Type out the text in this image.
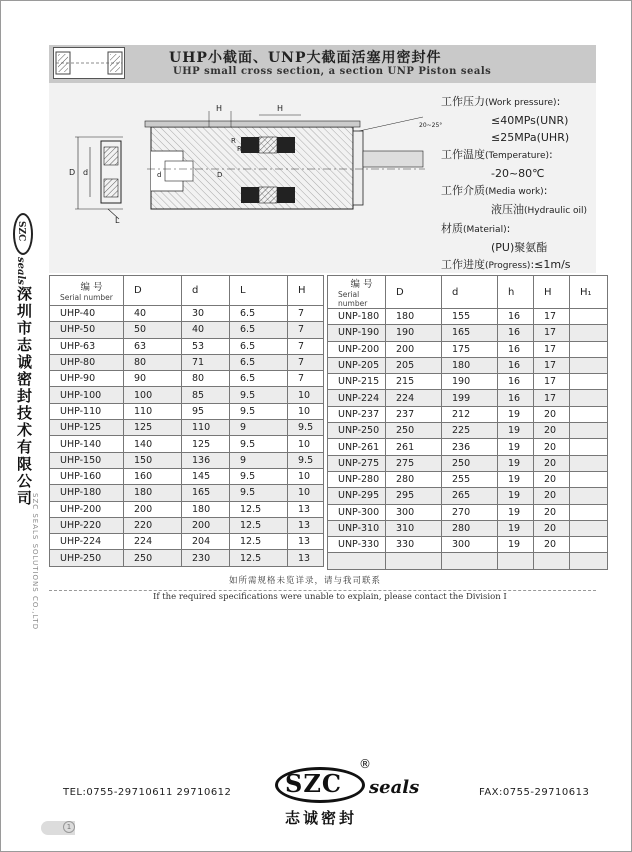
SZC
seals
深圳市志诚密封技术有限公司
SZC SEALS SOLUTIONS CO.,LTD
UHP小截面、UNP大截面活塞用密封件
UHP small cross section, a section UNP Piston seals
D d
L
H	H
R
R
d	D
20~25°
工作压力(Work pressure):
≤40MPs(UNR)
≤25MPa(UHR)
工作温度(Temperature):
-20~80℃
工作介质(Media work):
液压油(Hydraulic oil)
材质(Material):
(PU)聚氨酯
工作进度(Progress):≤1m/s
编 号
Serial number	D	d	L	H
UHP-40	40	30	6.5	7
UHP-50	50	40	6.5	7
UHP-63	63	53	6.5	7
UHP-80	80	71	6.5	7
UHP-90	90	80	6.5	7
UHP-100	100	85	9.5	10
UHP-110	110	95	9.5	10
UHP-125	125	110	9	9.5
UHP-140	140	125	9.5	10
UHP-150	150	136	9	9.5
UHP-160	160	145	9.5	10
UHP-180	180	165	9.5	10
UHP-200	200	180	12.5	13
UHP-220	220	200	12.5	13
UHP-224	224	204	12.5	13
UHP-250	250	230	12.5	13
编 号
Serial number	D	d	h	H	H₁
UNP-180	180	155	16	17	
UNP-190	190	165	16	17	
UNP-200	200	175	16	17	
UNP-205	205	180	16	17	
UNP-215	215	190	16	17	
UNP-224	224	199	16	17	
UNP-237	237	212	19	20	
UNP-250	250	225	19	20	
UNP-261	261	236	19	20	
UNP-275	275	250	19	20	
UNP-280	280	255	19	20	
UNP-295	295	265	19	20	
UNP-300	300	270	19	20	
UNP-310	310	280	19	20	
UNP-330	330	300	19	20	

如所需规格未览详录，请与我司联系
If the required specifications were unable to explain, please contact the Division I
TEL:0755-29710611 29710612 SZC
®
seals
志诚密封
FAX:0755-29710613
1
